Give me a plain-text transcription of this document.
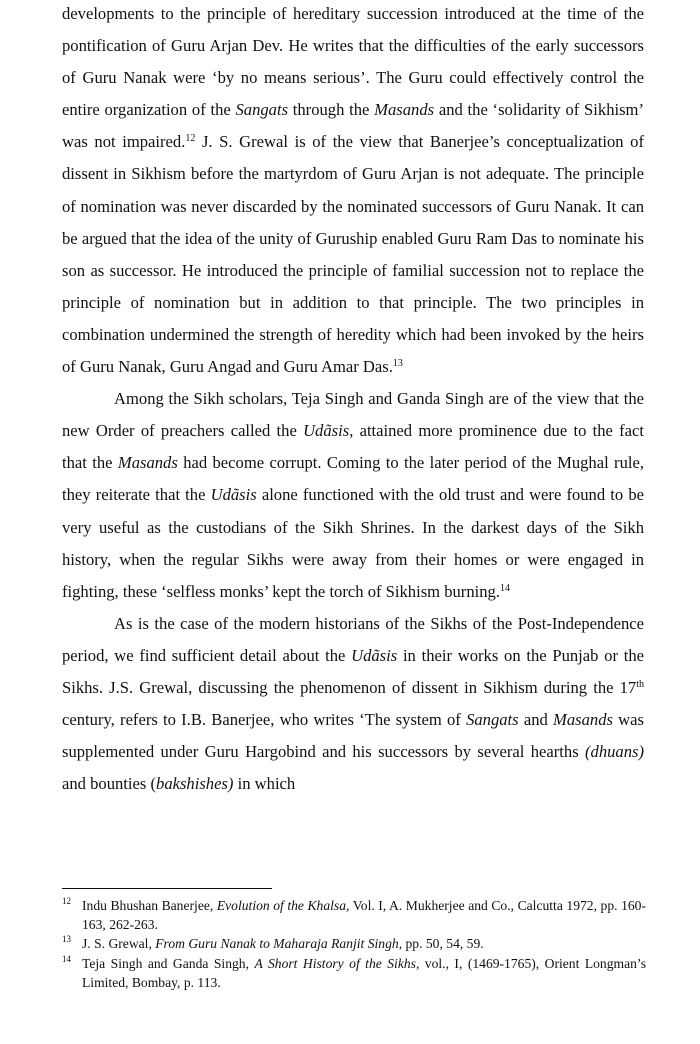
developments to the principle of hereditary succession introduced at the time of the pontification of Guru Arjan Dev. He writes that the difficulties of the early successors of Guru Nanak were ‘by no means serious’. The Guru could effectively control the entire organization of the Sangats through the Masands and the ‘solidarity of Sikhism’ was not impaired.$^{12}$ J. S. Grewal is of the view that Banerjee’s conceptualization of dissent in Sikhism before the martyrdom of Guru Arjan is not adequate. The principle of nomination was never discarded by the nominated successors of Guru Nanak. It can be argued that the idea of the unity of Guruship enabled Guru Ram Das to nominate his son as successor. He introduced the principle of familial succession not to replace the principle of nomination but in addition to that principle. The two principles in combination undermined the strength of heredity which had been invoked by the heirs of Guru Nanak, Guru Angad and Guru Amar Das.$^{13}$

Among the Sikh scholars, Teja Singh and Ganda Singh are of the view that the new Order of preachers called the Udãsis, attained more prominence due to the fact that the Masands had become corrupt. Coming to the later period of the Mughal rule, they reiterate that the Udãsis alone functioned with the old trust and were found to be very useful as the custodians of the Sikh Shrines. In the darkest days of the Sikh history, when the regular Sikhs were away from their homes or were engaged in fighting, these ‘selfless monks’ kept the torch of Sikhism burning.$^{14}$

As is the case of the modern historians of the Sikhs of the Post-Independence period, we find sufficient detail about the Udãsis in their works on the Punjab or the Sikhs. J.S. Grewal, discussing the phenomenon of dissent in Sikhism during the 17th century, refers to I.B. Banerjee, who writes ‘The system of Sangats and Masands was supplemented under Guru Hargobind and his successors by several hearths (dhuans) and bounties (bakshishes) in which

12 Indu Bhushan Banerjee, Evolution of the Khalsa, Vol. I, A. Mukherjee and Co., Calcutta 1972, pp. 160-163, 262-263.

13 J. S. Grewal, From Guru Nanak to Maharaja Ranjit Singh, pp. 50, 54, 59.

14 Teja Singh and Ganda Singh, A Short History of the Sikhs, vol., I, (1469-1765), Orient Longman’s Limited, Bombay, p. 113.
